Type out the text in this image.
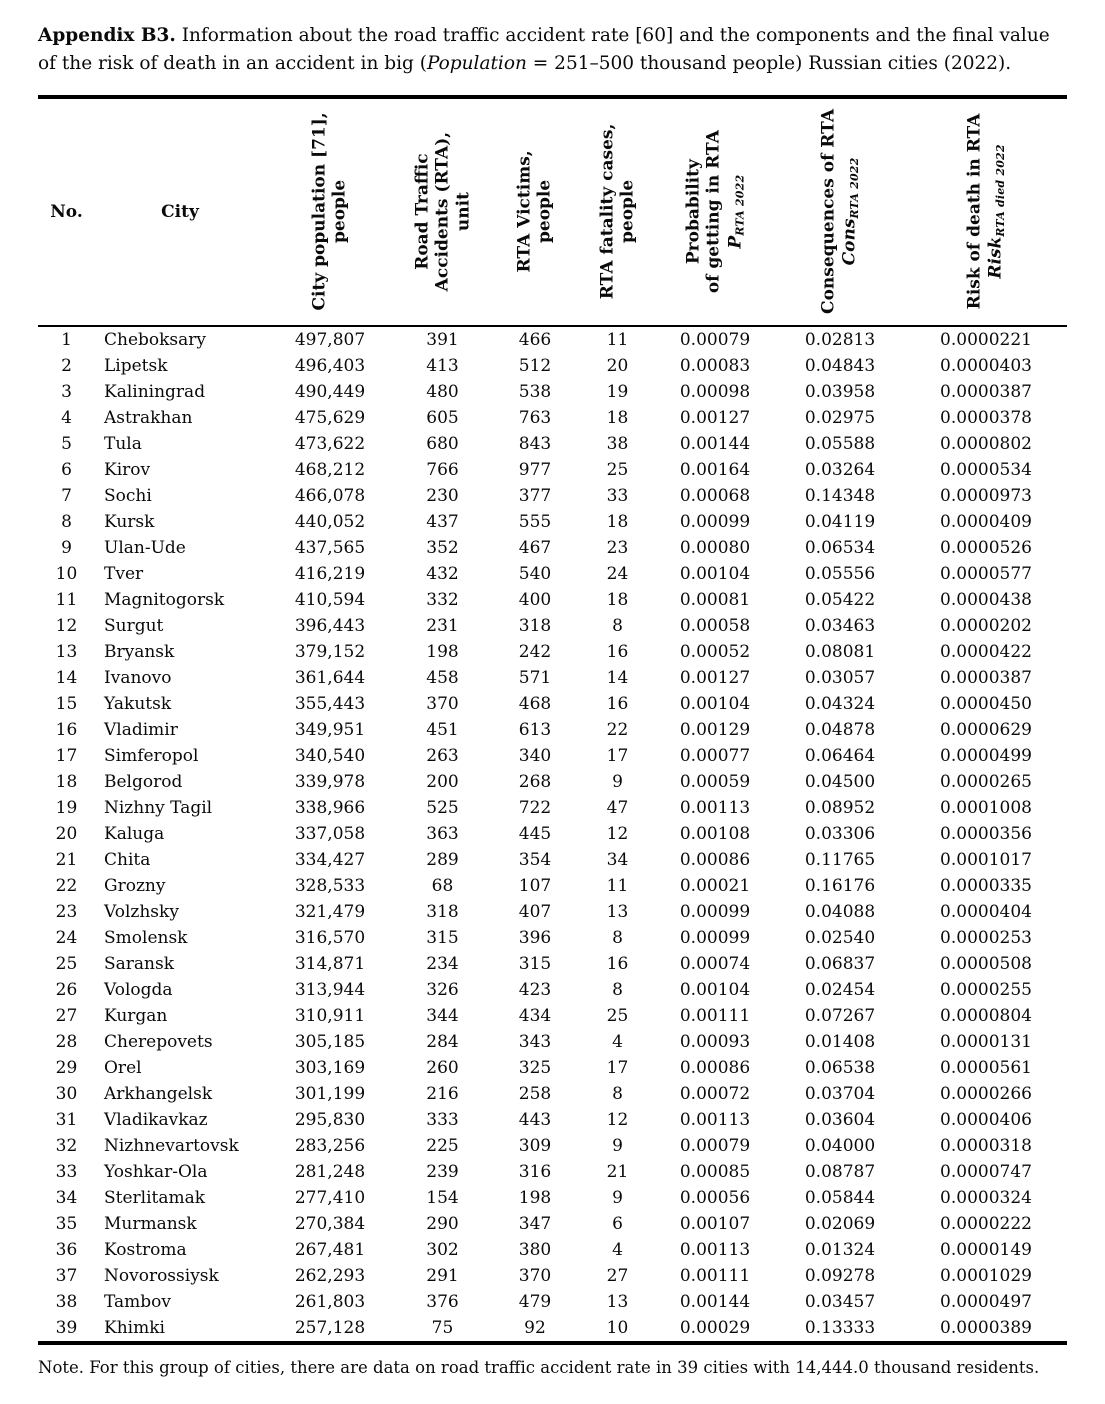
Appendix B3. Information about the road traffic accident rate [60] and the components and the final value of the risk of death in an accident in big (Population = 251–500 thousand people) Russian cities (2022).

No.	City	City population [71], people	Road Traffic Accidents (RTA), unit	RTA Victims, people	RTA fatality cases, people	Probability of getting in RTA $P_{RTA 2022}$	Consequences of RTA Cons$_{RTA 2022}$	Risk of death in RTA Risk$_{RTA died 2022}$

1	Cheboksary	497,807	391	466	11	0.00079	0.02813	0.0000221
2	Lipetsk	496,403	413	512	20	0.00083	0.04843	0.0000403
3	Kaliningrad	490,449	480	538	19	0.00098	0.03958	0.0000387
4	Astrakhan	475,629	605	763	18	0.00127	0.02975	0.0000378
5	Tula	473,622	680	843	38	0.00144	0.05588	0.0000802
6	Kirov	468,212	766	977	25	0.00164	0.03264	0.0000534
7	Sochi	466,078	230	377	33	0.00068	0.14348	0.0000973
8	Kursk	440,052	437	555	18	0.00099	0.04119	0.0000409
9	Ulan-Ude	437,565	352	467	23	0.00080	0.06534	0.0000526
10	Tver	416,219	432	540	24	0.00104	0.05556	0.0000577
11	Magnitogorsk	410,594	332	400	18	0.00081	0.05422	0.0000438
12	Surgut	396,443	231	318	8	0.00058	0.03463	0.0000202
13	Bryansk	379,152	198	242	16	0.00052	0.08081	0.0000422
14	Ivanovo	361,644	458	571	14	0.00127	0.03057	0.0000387
15	Yakutsk	355,443	370	468	16	0.00104	0.04324	0.0000450
16	Vladimir	349,951	451	613	22	0.00129	0.04878	0.0000629
17	Simferopol	340,540	263	340	17	0.00077	0.06464	0.0000499
18	Belgorod	339,978	200	268	9	0.00059	0.04500	0.0000265
19	Nizhny Tagil	338,966	525	722	47	0.00113	0.08952	0.0001008
20	Kaluga	337,058	363	445	12	0.00108	0.03306	0.0000356
21	Chita	334,427	289	354	34	0.00086	0.11765	0.0001017
22	Grozny	328,533	68	107	11	0.00021	0.16176	0.0000335
23	Volzhsky	321,479	318	407	13	0.00099	0.04088	0.0000404
24	Smolensk	316,570	315	396	8	0.00099	0.02540	0.0000253
25	Saransk	314,871	234	315	16	0.00074	0.06837	0.0000508
26	Vologda	313,944	326	423	8	0.00104	0.02454	0.0000255
27	Kurgan	310,911	344	434	25	0.00111	0.07267	0.0000804
28	Cherepovets	305,185	284	343	4	0.00093	0.01408	0.0000131
29	Orel	303,169	260	325	17	0.00086	0.06538	0.0000561
30	Arkhangelsk	301,199	216	258	8	0.00072	0.03704	0.0000266
31	Vladikavkaz	295,830	333	443	12	0.00113	0.03604	0.0000406
32	Nizhnevartovsk	283,256	225	309	9	0.00079	0.04000	0.0000318
33	Yoshkar-Ola	281,248	239	316	21	0.00085	0.08787	0.0000747
34	Sterlitamak	277,410	154	198	9	0.00056	0.05844	0.0000324
35	Murmansk	270,384	290	347	6	0.00107	0.02069	0.0000222
36	Kostroma	267,481	302	380	4	0.00113	0.01324	0.0000149
37	Novorossiysk	262,293	291	370	27	0.00111	0.09278	0.0001029
38	Tambov	261,803	376	479	13	0.00144	0.03457	0.0000497
39	Khimki	257,128	75	92	10	0.00029	0.13333	0.0000389

Note. For this group of cities, there are data on road traffic accident rate in 39 cities with 14,444.0 thousand residents.
